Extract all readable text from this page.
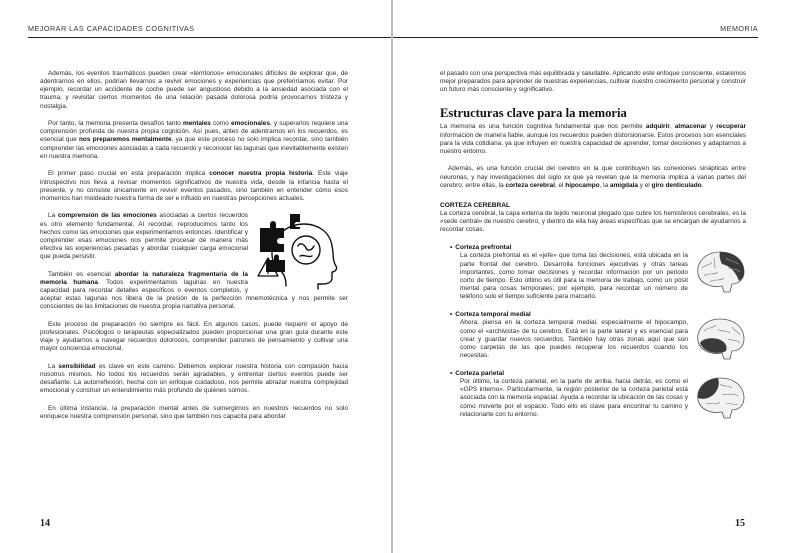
MEJORAR LAS CAPACIDADES COGNITIVAS

Además, los eventos traumáticos pueden crear «territorios» emocionales difíciles de explorar que, de adentrarnos en ellos, podrían llevarnos a revivir emociones y experiencias que preferiríamos evitar. Por ejemplo, recordar un accidente de coche puede ser angustioso debido a la ansiedad asociada con el trauma, y revisitar ciertos momentos de una relación pasada dolorosa podría provocarnos tristeza y nostalgia.

Por tanto, la memoria presenta desafíos tanto mentales como emocionales, y superarlos requiere una comprensión profunda de nuestra propia cognición. Así pues, antes de adentrarnos en los recuerdos, es esencial que nos preparemos mentalmente, ya que este proceso no solo implica recordar, sino también comprender las emociones asociadas a cada recuerdo y reconocer las lagunas que inevitablemente existen en nuestra memoria.

El primer paso crucial en esta preparación implica conocer nuestra propia historia. Este viaje introspectivo nos lleva a revisar momentos significativos de nuestra vida, desde la infancia hasta el presente, y no consiste únicamente en revivir eventos pasados, sino también en entender cómo esos momentos han moldeado nuestra forma de ser e influido en nuestras percepciones actuales.

La comprensión de las emociones asociadas a ciertos recuerdos es otro elemento fundamental. Al recordar, reproducimos tanto los hechos como las emociones que experimentamos entonces. Identificar y comprender esas emociones nos permite procesar de manera más efectiva las experiencias pasadas y abordar cualquier carga emocional que pueda persistir.

También es esencial abordar la naturaleza fragmentaria de la memoria humana. Todos experimentamos lagunas en nuestra capacidad para recordar detalles específicos o eventos completos, y aceptar estas lagunas nos libera de la presión de la perfección mnemotécnica y nos permite ser conscientes de las limitaciones de nuestra propia narrativa personal.

Este proceso de preparación no siempre es fácil. En algunos casos, puede requerir el apoyo de profesionales. Psicólogos o terapeutas especializados pueden proporcionar una gran guía durante este viaje y ayudarnos a navegar recuerdos dolorosos, comprender patrones de pensamiento y cultivar una mayor conciencia emocional.

La sensibilidad es clave en este camino. Debemos explorar nuestra historia con compasión hacia nosotros mismos. No todos los recuerdos serán agradables, y entrentar ciertos eventos puede ser desafiante. La autorreflexión, hecha con un enfoque cuidadoso, nos permite abrazar nuestra complejidad emocional y construir un entendimiento más profundo de quiénes somos.

En última instancia, la preparación mental antes de sumergirnos en nuestros recuerdos no solo enriquece nuestra comprensión personal, sino que también nos capacita para abordar

14
MEMORIA

el pasado con una perspectiva más equilibrada y saludable. Aplicando este enfoque consciente, estaremos mejor preparados para aprender de nuestras experiencias, cultivar nuestro crecimiento personal y construir un futuro más consciente y significativo.

Estructuras clave para la memoria

La memoria es una función cognitiva fundamental que nos permite adquirir, almacenar y recuperar información de manera fiable, aunque los recuerdos pueden distorsionarse. Estos procesos son esenciales para la vida cotidiana, ya que influyen en nuestra capacidad de aprender, tomar decisiones y adaptarnos a nuestro entorno.

Además, es una función crucial del cerebro en la que contribuyen las conexiones sinápticas entre neuronas, y hay investigaciones del siglo xx que ya revelan que la memoria implica a varias partes del cerebro; entre ellas, la corteza cerebral, el hipocampo, la amígdala y el giro denticulado.

CORTEZA CEREBRAL

La corteza cerebral, la capa externa de tejido neuronal plegado que cubre los hemisferios cerebrales, es la «sede central» de nuestro cerebro, y dentro de ella hay áreas específicas que se encargan de ayudarnos a recordar cosas.

• Corteza prefrontal
La corteza prefrontal es el «jefe» que toma las decisiones, está ubicada en la parte frontal del cerebro. Desarrolla funciones ejecutivas y otras tareas importantes, como tomar decisiones y recordar información por un periodo corto de tiempo. Esto último es útil para la memoria de trabajo, como un pósit mental para cosas temporales; por ejemplo, para recordar un número de teléfono solo el tiempo suficiente para marcarlo.
• Corteza temporal medial
Ahora, piensa en la corteza temporal medial, especialmente el hipocampo, como el «archivista» de tu cerebro. Está en la parte lateral y es esencial para crear y guardar nuevos recuerdos. También hay otras zonas aquí que son como carpetas de las que puedes recuperar los recuerdos cuando los necesitas.
• Corteza parietal
Por último, la corteza parietal, en la parte de arriba, hacia detrás, es como el «GPS interno». Particularmente, la región posterior de la corteza parietal está asociada con la memoria espacial. Ayuda a recordar la ubicación de las cosas y cómo moverte por el espacio. Todo ello es clave para encontrar tu camino y relacionarte con tu entorno.
15
